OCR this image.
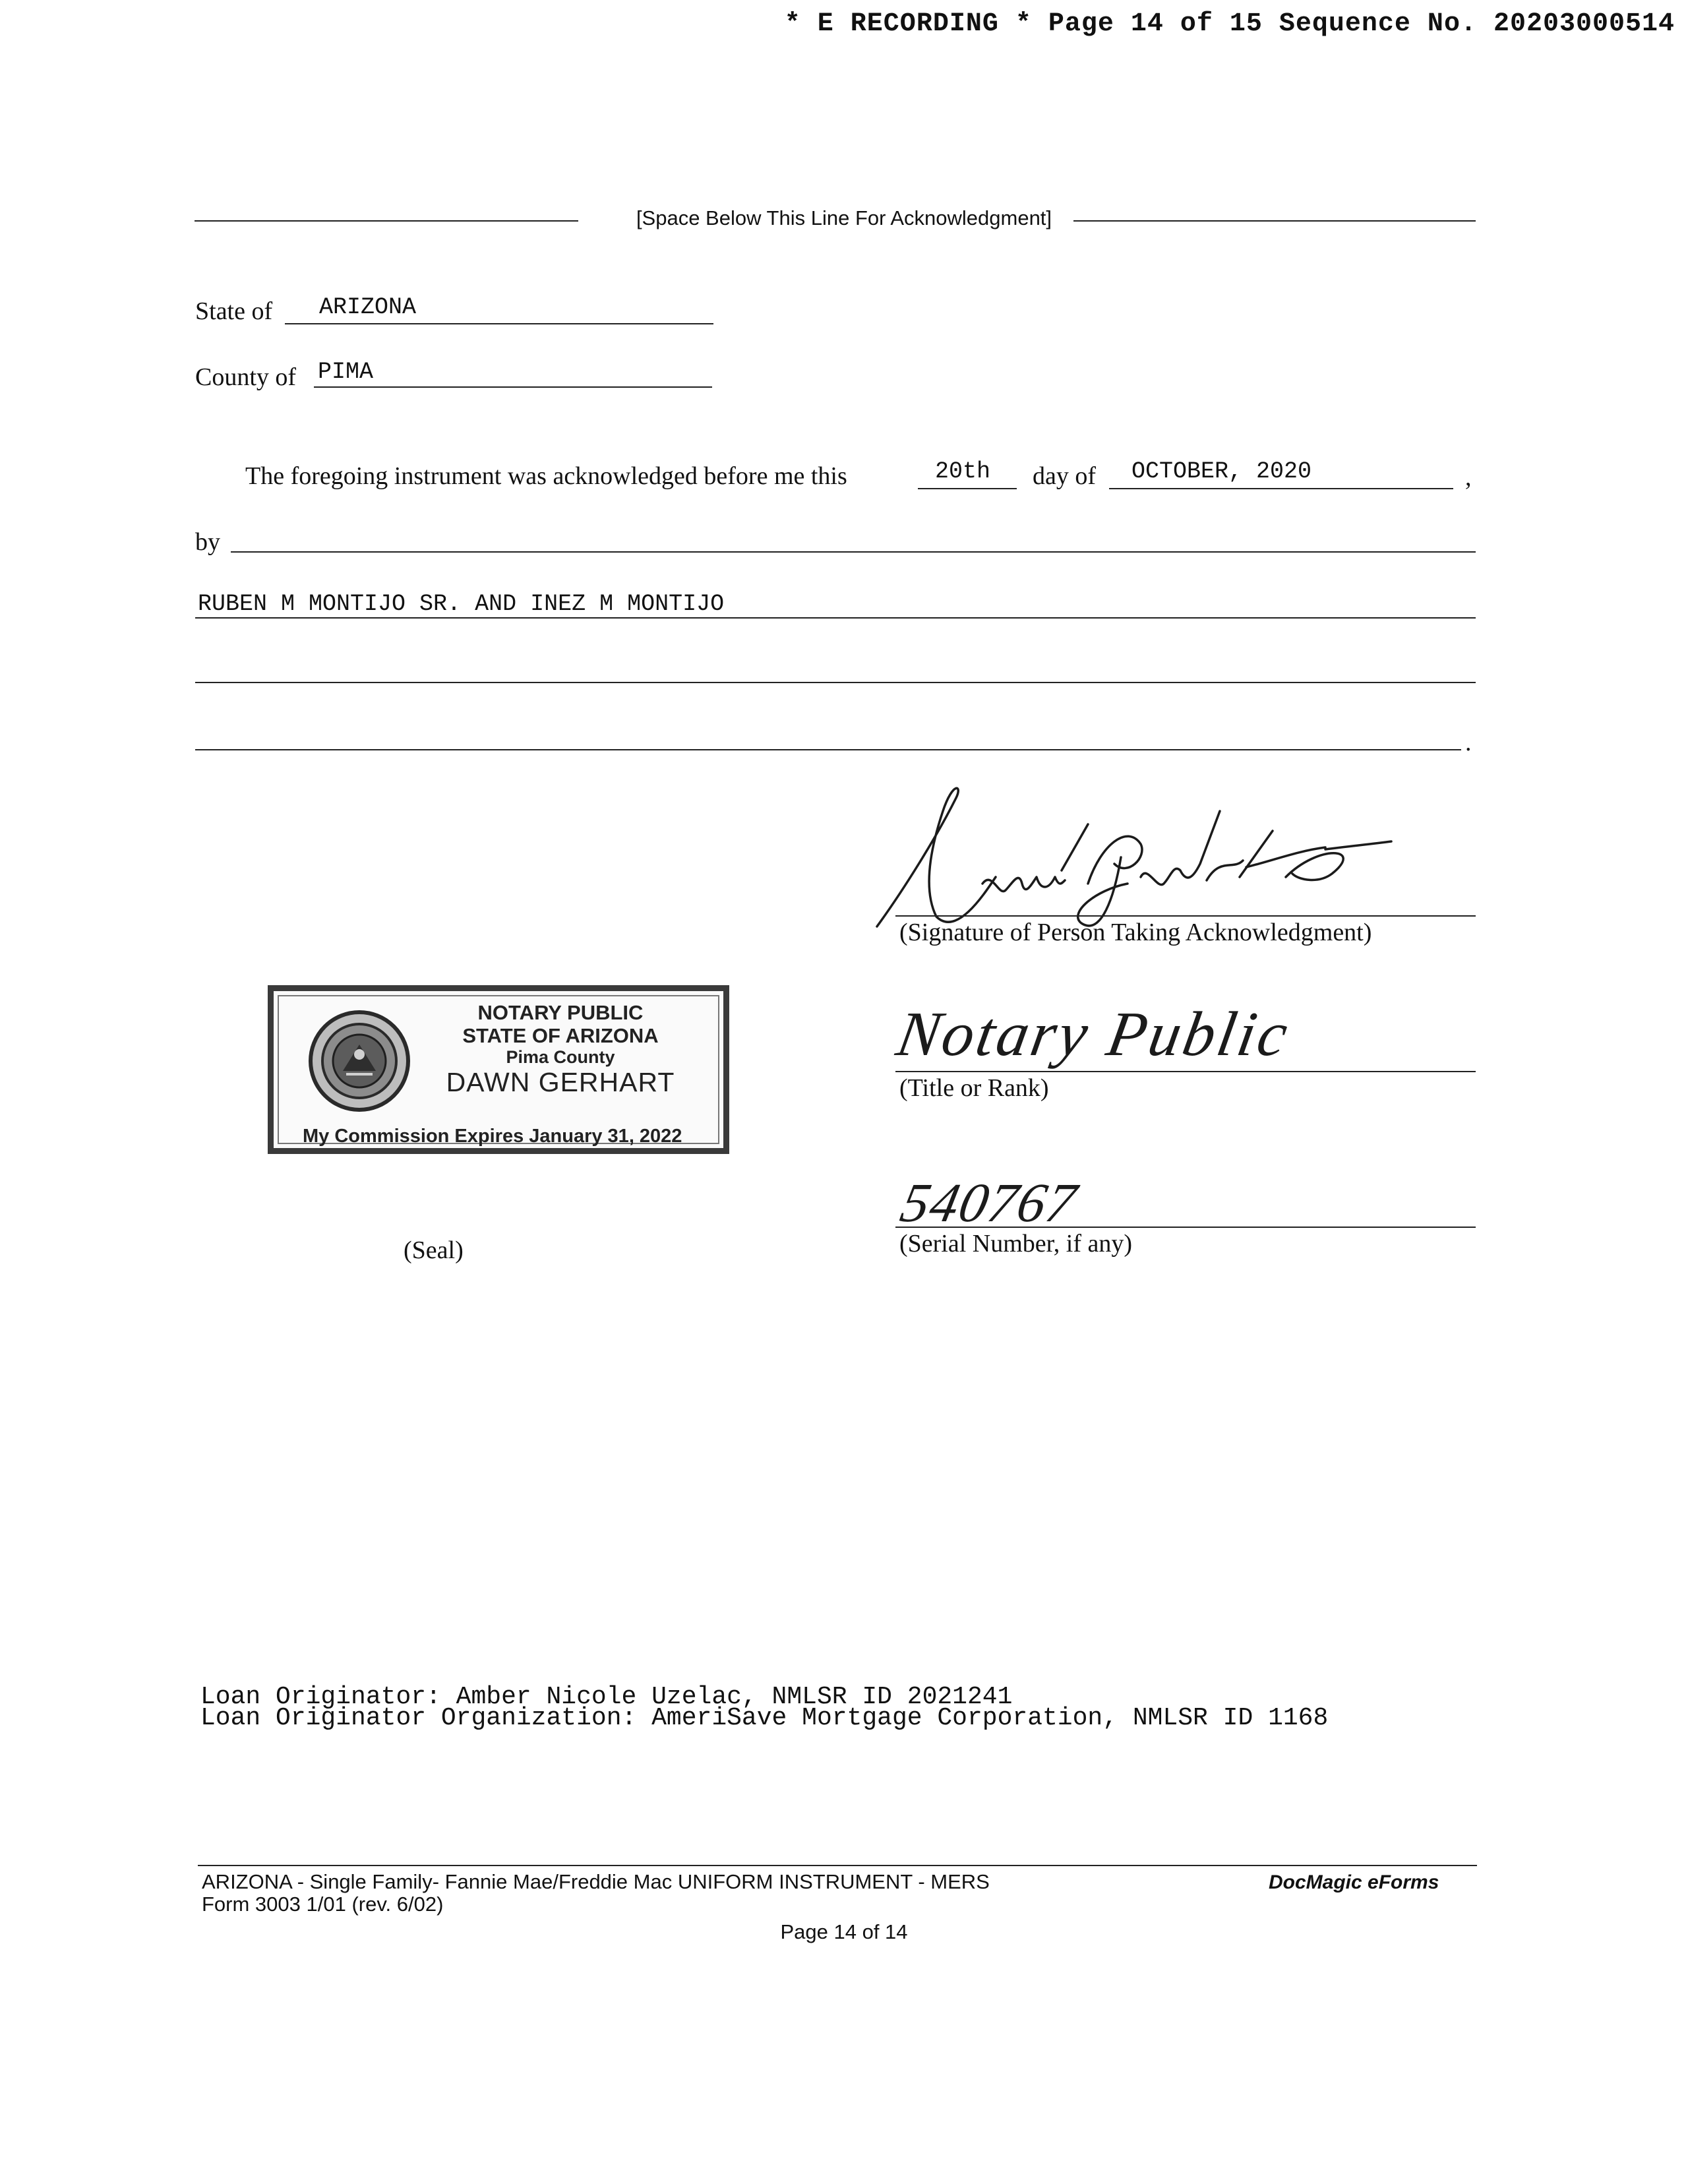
* E RECORDING * Page 14 of 15 Sequence No. 20203000514
[Space Below This Line For Acknowledgment]
State of ARIZONA
County of PIMA
The foregoing instrument was acknowledged before me this	20th day of OCTOBER, 2020	,
by
RUBEN M MONTIJO SR. AND INEZ M MONTIJO
.
(Signature of Person Taking Acknowledgment)
NOTARY PUBLIC
STATE OF ARIZONA
Pima County
DAWN GERHART
My Commission Expires January 31, 2022
Notary Public
(Title or Rank)
540767
(Serial Number, if any)
(Seal)
Loan Originator: Amber Nicole Uzelac, NMLSR ID 2021241
Loan Originator Organization: AmeriSave Mortgage Corporation, NMLSR ID 1168
ARIZONA - Single Family- Fannie Mae/Freddie Mac UNIFORM INSTRUMENT - MERS
Form 3003 1/01 (rev. 6/02)
Page 14 of 14
DocMagic eForms
